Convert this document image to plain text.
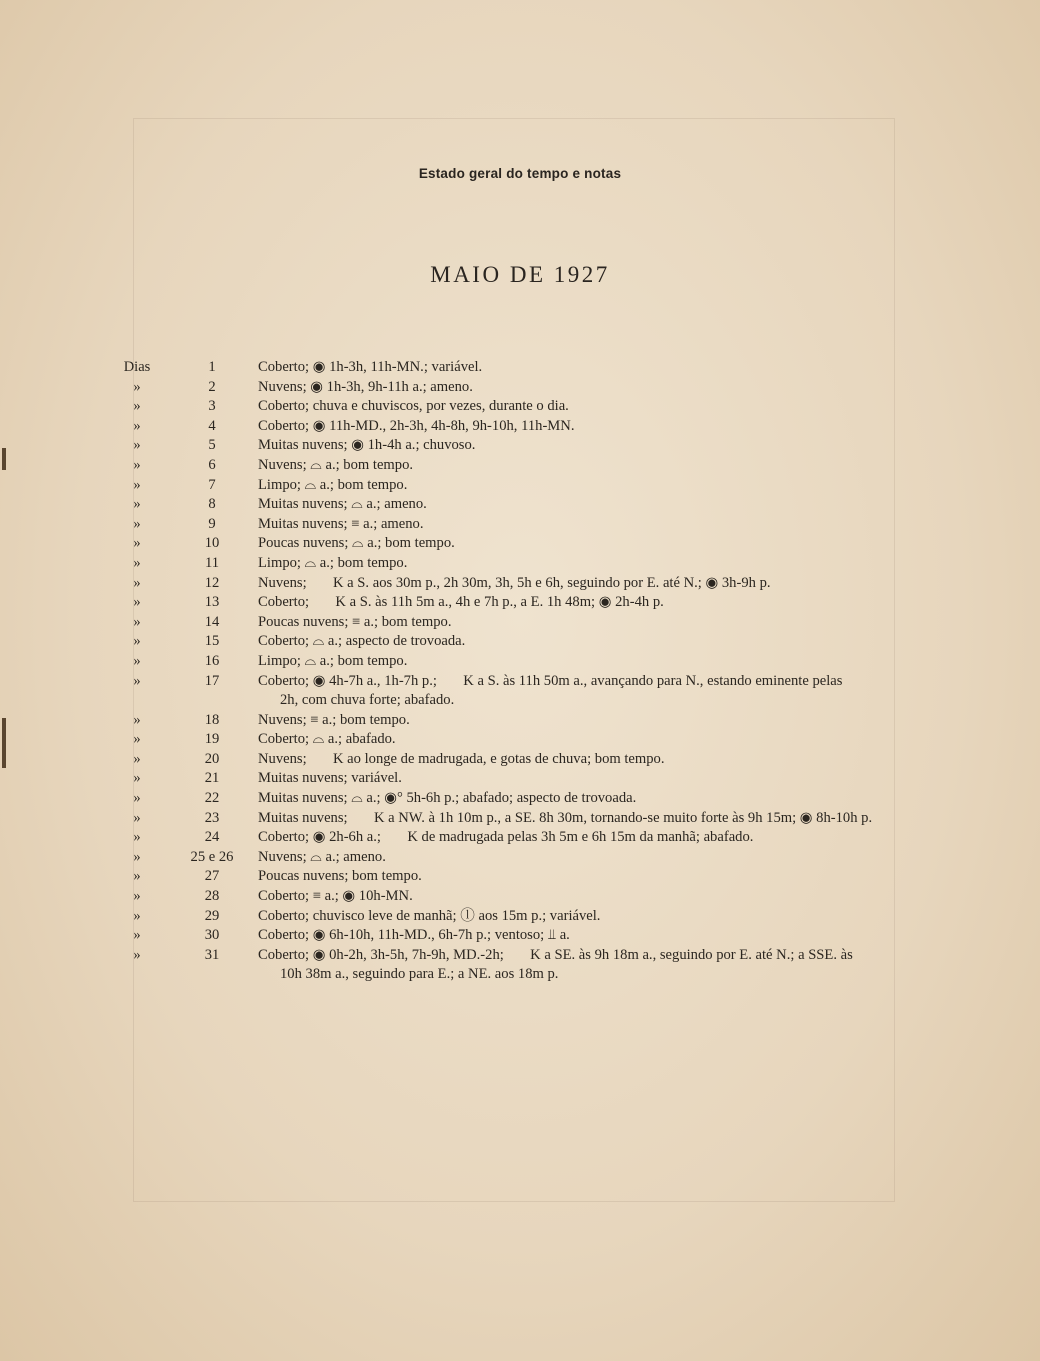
Estado geral do tempo e notas
MAIO DE 1927
Dias	1	Coberto; ◉ 1h-3h, 11h-MN.; variável.
»	2	Nuvens; ◉ 1h-3h, 9h-11h a.; ameno.
»	3	Coberto; chuva e chuviscos, por vezes, durante o dia.
»	4	Coberto; ◉ 11h-MD., 2h-3h, 4h-8h, 9h-10h, 11h-MN.
»	5	Muitas nuvens; ◉ 1h-4h a.; chuvoso.
»	6	Nuvens; ⌓ a.; bom tempo.
»	7	Limpo; ⌓ a.; bom tempo.
»	8	Muitas nuvens; ⌓ a.; ameno.
»	9	Muitas nuvens; ≡ a.; ameno.
»	10	Poucas nuvens; ⌓ a.; bom tempo.
»	11	Limpo; ⌓ a.; bom tempo.
»	12	Nuvens; ⇂⃥K a S. aos 30m p., 2h 30m, 3h, 5h e 6h, seguindo por E. até N.; ◉ 3h-9h p.
»	13	Coberto; ⇂⃥K a S. às 11h 5m a., 4h e 7h p., a E. 1h 48m; ◉ 2h-4h p.
»	14	Poucas nuvens; ≡ a.; bom tempo.
»	15	Coberto; ⌓ a.; aspecto de trovoada.
»	16	Limpo; ⌓ a.; bom tempo.
»	17	Coberto; ◉ 4h-7h a., 1h-7h p.; ⇂⃥K a S. às 11h 50m a., avançando para N., estando eminente pelas
2h, com chuva forte; abafado.
»	18	Nuvens; ≡ a.; bom tempo.
»	19	Coberto; ⌓ a.; abafado.
»	20	Nuvens; ⇂⃥K ao longe de madrugada, e gotas de chuva; bom tempo.
»	21	Muitas nuvens; variável.
»	22	Muitas nuvens; ⌓ a.; ◉° 5h-6h p.; abafado; aspecto de trovoada.
»	23	Muitas nuvens; ⇂⃥K a NW. à 1h 10m p., a SE. 8h 30m, tornando-se muito forte às 9h 15m; ◉ 8h-10h p.
»	24	Coberto; ◉ 2h-6h a.; ⇂⃥K de madrugada pelas 3h 5m e 6h 15m da manhã; abafado.
»	25 e 26	Nuvens; ⌓ a.; ameno.
»	27	Poucas nuvens; bom tempo.
»	28	Coberto; ≡ a.; ◉ 10h-MN.
»	29	Coberto; chuvisco leve de manhã; ⓛ aos 15m p.; variável.
»	30	Coberto; ◉ 6h-10h, 11h-MD., 6h-7h p.; ventoso; ⫫ a.
»	31	Coberto; ◉ 0h-2h, 3h-5h, 7h-9h, MD.-2h; ⇂⃥K a SE. às 9h 18m a., seguindo por E. até N.; a SSE. às
10h 38m a., seguindo para E.; a NE. aos 18m p.
